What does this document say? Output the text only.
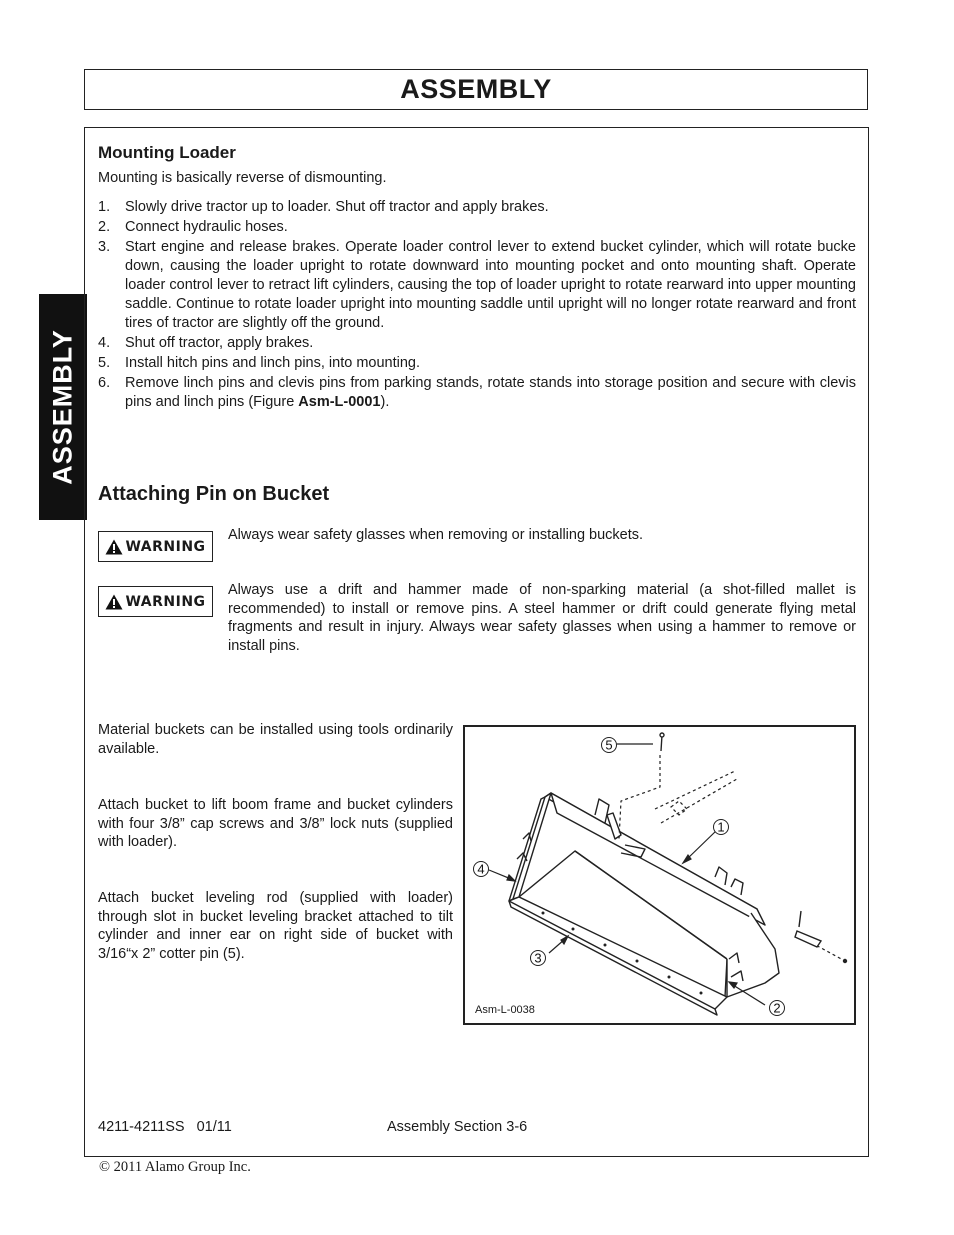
ASSEMBLY
ASSEMBLY
Mounting Loader
Mounting is basically reverse of dismounting.
1.	Slowly drive tractor up to loader. Shut off tractor and apply brakes.
2.	Connect hydraulic hoses.
3.	Start engine and release brakes. Operate loader control lever to extend bucket cylinder, which will rotate bucke down, causing the loader upright to rotate downward into mounting pocket and onto mounting shaft. Operate loader control lever to retract lift cylinders, causing the top of loader upright to rotate rearward into upper mounting saddle. Continue to rotate loader upright into mounting saddle until upright will no longer rotate rearward and front tires of tractor are slightly off the ground.
4.	Shut off tractor, apply brakes.
5.	Install hitch pins and linch pins, into mounting.
6.	Remove linch pins and clevis pins from parking stands, rotate stands into storage position and secure with clevis pins and linch pins (Figure Asm-L-0001).
Attaching Pin on Bucket
WARNING
Always wear safety glasses when removing or installing buckets.
WARNING
Always use a drift and hammer made of non-sparking material (a shot-filled mallet is recommended) to install or remove pins. A steel hammer or drift could generate flying metal fragments and result in injury. Always wear safety glasses when using a hammer to remove or install pins.
Material buckets can be installed using tools ordinarily available.
Attach bucket to lift boom frame and bucket cylinders with four 3/8” cap screws and 3/8” lock nuts (supplied with loader).
Attach bucket leveling rod (supplied with loader) through slot in bucket leveling bracket attached to tilt cylinder and inner ear on right side of bucket with 3/16“x 2” cotter pin (5).
5
1
2
3
4
Asm-L-0038
4211-4211SS   01/11	Assembly Section 3-6
© 2011 Alamo Group Inc.
